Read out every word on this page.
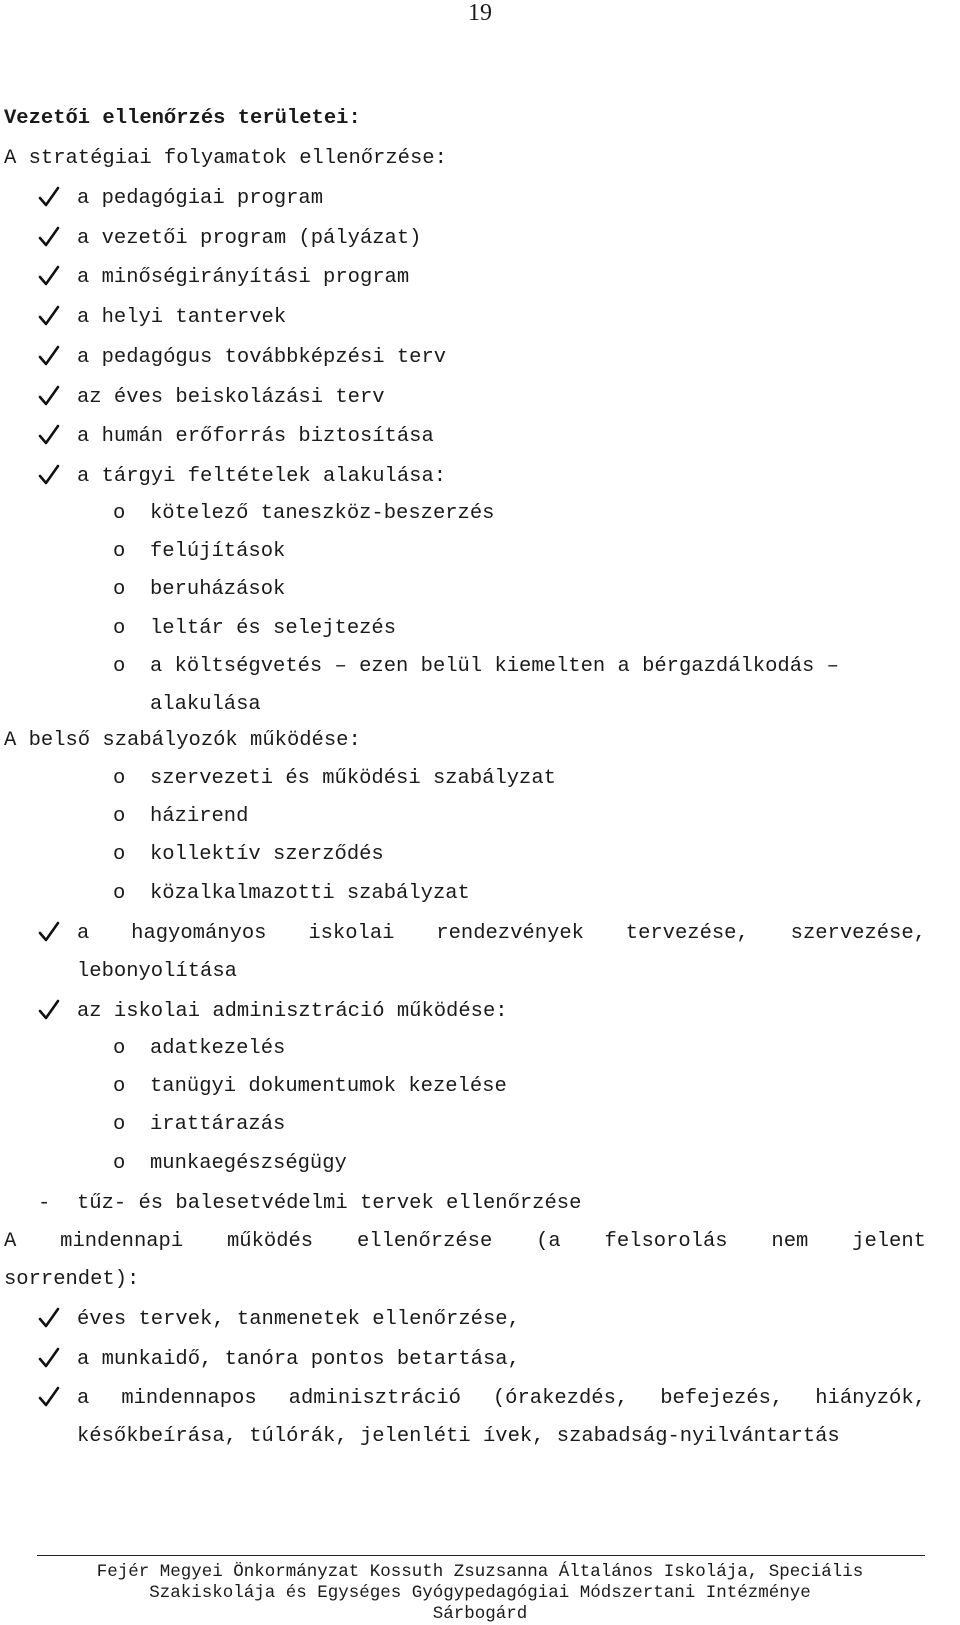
19
Vezetői ellenőrzés területei:
A stratégiai folyamatok ellenőrzése:
a pedagógiai program
a vezetői program (pályázat)
a minőségirányítási program
a helyi tantervek
a pedagógus továbbképzési terv
az éves beiskolázási terv
a humán erőforrás biztosítása
a tárgyi feltételek alakulása:
o kötelező taneszköz-beszerzés
o felújítások
o beruházások
o leltár és selejtezés
o a költségvetés – ezen belül kiemelten a bérgazdálkodás –
alakulása
A belső szabályozók működése:
o szervezeti és működési szabályzat
o házirend
o kollektív szerződés
o közalkalmazotti szabályzat
a hagyományos iskolai rendezvények tervezése, szervezése,
lebonyolítása
az iskolai adminisztráció működése:
o adatkezelés
o tanügyi dokumentumok kezelése
o irattárazás
o munkaegészségügy
- tűz- és balesetvédelmi tervek ellenőrzése
A mindennapi működés ellenőrzése (a felsorolás nem jelent
sorrendet):
éves tervek, tanmenetek ellenőrzése,
a munkaidő, tanóra pontos betartása,
a mindennapos adminisztráció (órakezdés, befejezés, hiányzók,
későkbeírása, túlórák, jelenléti ívek, szabadság-nyilvántartás
Fejér Megyei Önkormányzat Kossuth Zsuzsanna Általános Iskolája, Speciális
Szakiskolája és Egységes Gyógypedagógiai Módszertani Intézménye
Sárbogárd
